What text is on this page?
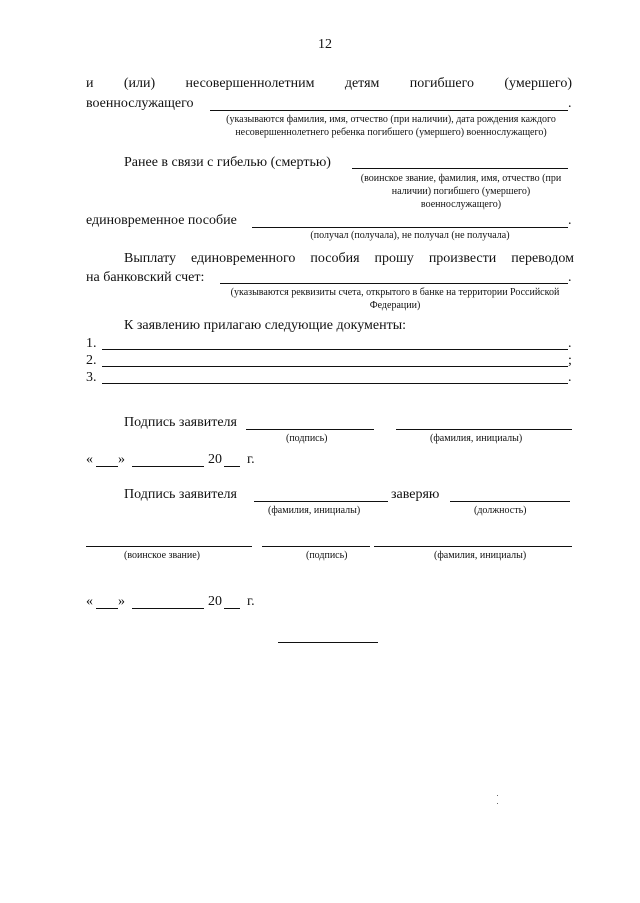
12
и (или) несовершеннолетним детям погибшего (умершего)
военнослужащего	.
(указываются фамилия, имя, отчество (при наличии), дата рождения каждого несовершеннолетнего ребенка погибшего (умершего) военнослужащего)
Ранее в связи с гибелью (смертью)
(воинское звание, фамилия, имя, отчество (при наличии) погибшего (умершего) военнослужащего)
единовременное пособие	.
(получал (получала), не получал (не получала)
Выплату единовременного пособия прошу произвести переводом
на банковский счет:	.
(указываются реквизиты счета, открытого в банке на территории Российской Федерации)
К заявлению прилагаю следующие документы:
1.	.
2.	;
3.	.
Подпись заявителя
(подпись)	(фамилия, инициалы)
« »	20 г.
Подпись заявителя	заверяю
(фамилия, инициалы)	(должность)
(воинское звание)	(подпись)	(фамилия, инициалы)
« »	20 г.
